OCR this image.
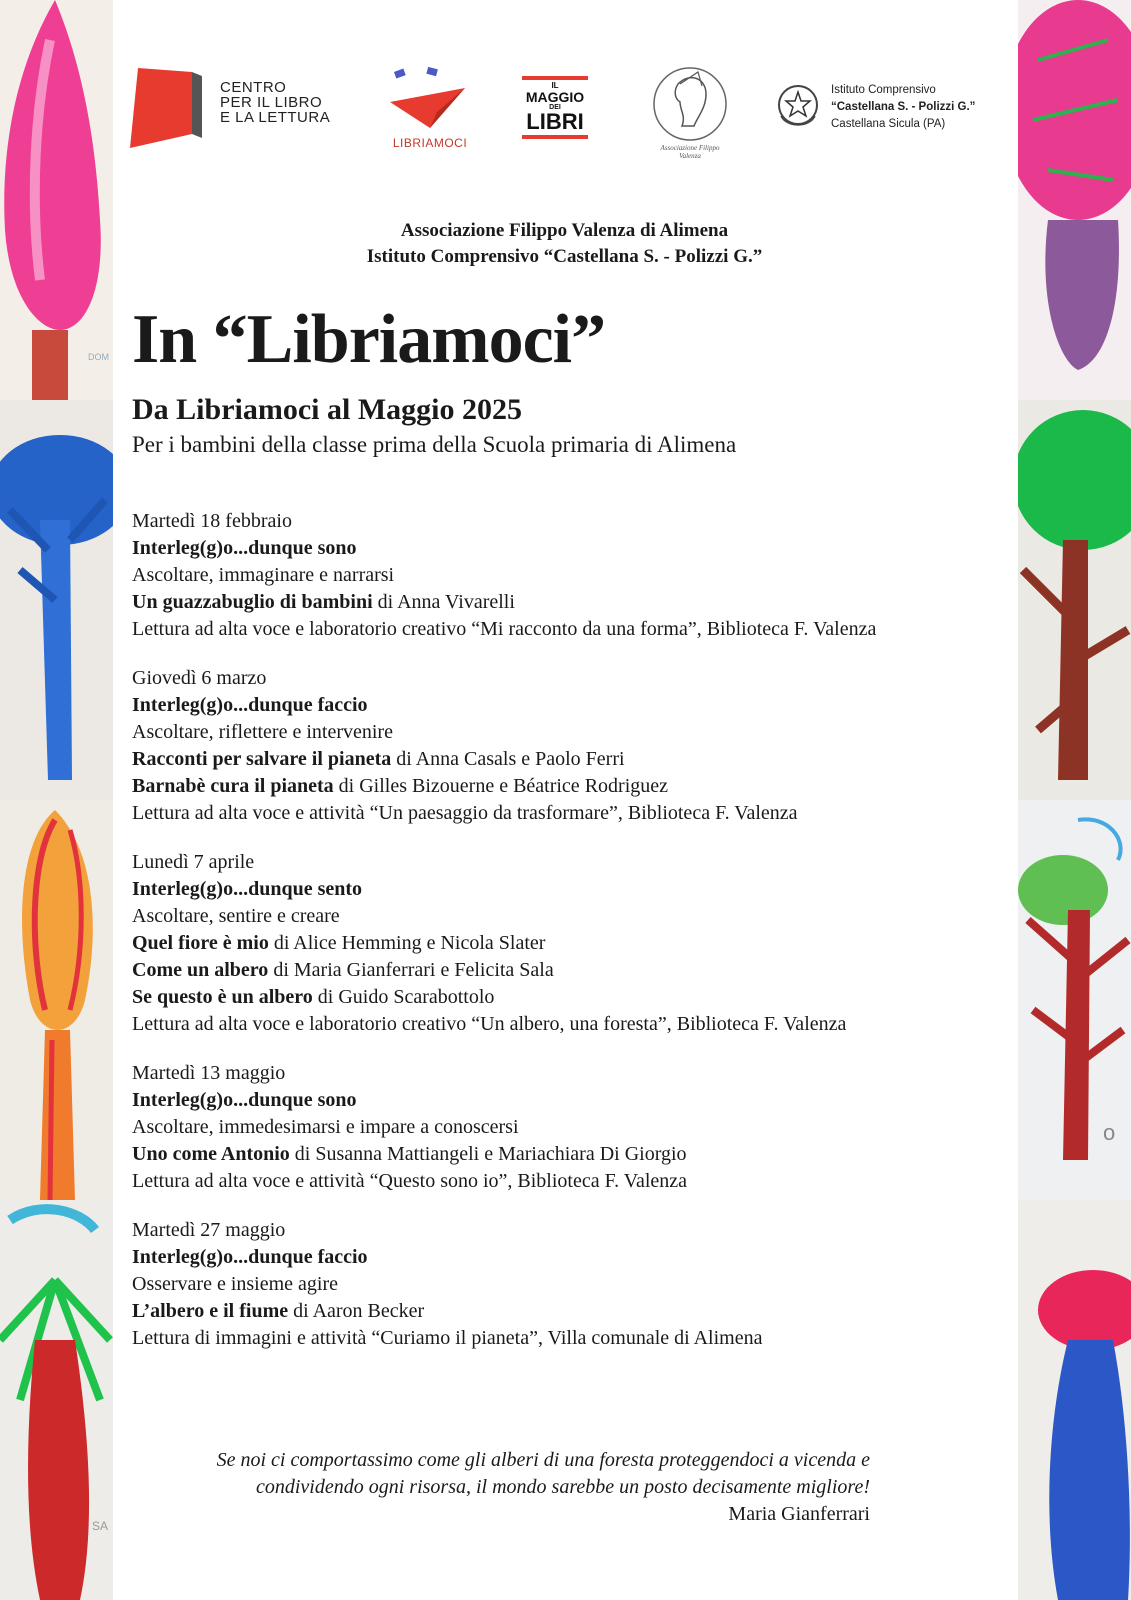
DOM
SA
o
CENTRO
PER IL LIBRO
E LA LETTURA
LIBRIAMOCI
IL
MAGGIO
DEI
LIBRI
Associazione Filippo Valenza
Istituto Comprensivo
“Castellana S. - Polizzi G.”
Castellana Sicula (PA)
Associazione Filippo Valenza di Alimena
Istituto Comprensivo “Castellana S. - Polizzi G.”
In “Libriamoci”
Da Libriamoci al Maggio 2025
Per i bambini della classe prima della Scuola primaria di Alimena
Martedì 18 febbraio
Interleg(g)o...dunque sono
Ascoltare, immaginare e narrarsi
Un guazzabuglio di bambini di Anna Vivarelli
Lettura ad alta voce e laboratorio creativo “Mi racconto da una forma”, Biblioteca F. Valenza
Giovedì 6 marzo
Interleg(g)o...dunque faccio
Ascoltare, riflettere e intervenire
Racconti per salvare il pianeta di Anna Casals e Paolo Ferri
Barnabè cura il pianeta di Gilles Bizouerne e Béatrice Rodriguez
Lettura ad alta voce e attività “Un paesaggio da trasformare”, Biblioteca F. Valenza
Lunedì 7 aprile
Interleg(g)o...dunque sento
Ascoltare, sentire e creare
Quel fiore è mio di Alice Hemming e Nicola Slater
Come un albero di Maria Gianferrari e Felicita Sala
Se questo è un albero di Guido Scarabottolo
Lettura ad alta voce e laboratorio creativo “Un albero, una foresta”, Biblioteca F. Valenza
Martedì 13 maggio
Interleg(g)o...dunque sono
Ascoltare, immedesimarsi e impare a conoscersi
Uno come Antonio di Susanna Mattiangeli e Mariachiara Di Giorgio
Lettura ad alta voce e attività “Questo sono io”, Biblioteca F. Valenza
Martedì 27 maggio
Interleg(g)o...dunque faccio
Osservare e insieme agire
L’albero e il fiume di Aaron Becker
Lettura di immagini e attività “Curiamo il pianeta”, Villa comunale di Alimena
Se noi ci comportassimo come gli alberi di una foresta proteggendoci a vicenda e
condividendo ogni risorsa, il mondo sarebbe un posto decisamente migliore!
Maria Gianferrari
